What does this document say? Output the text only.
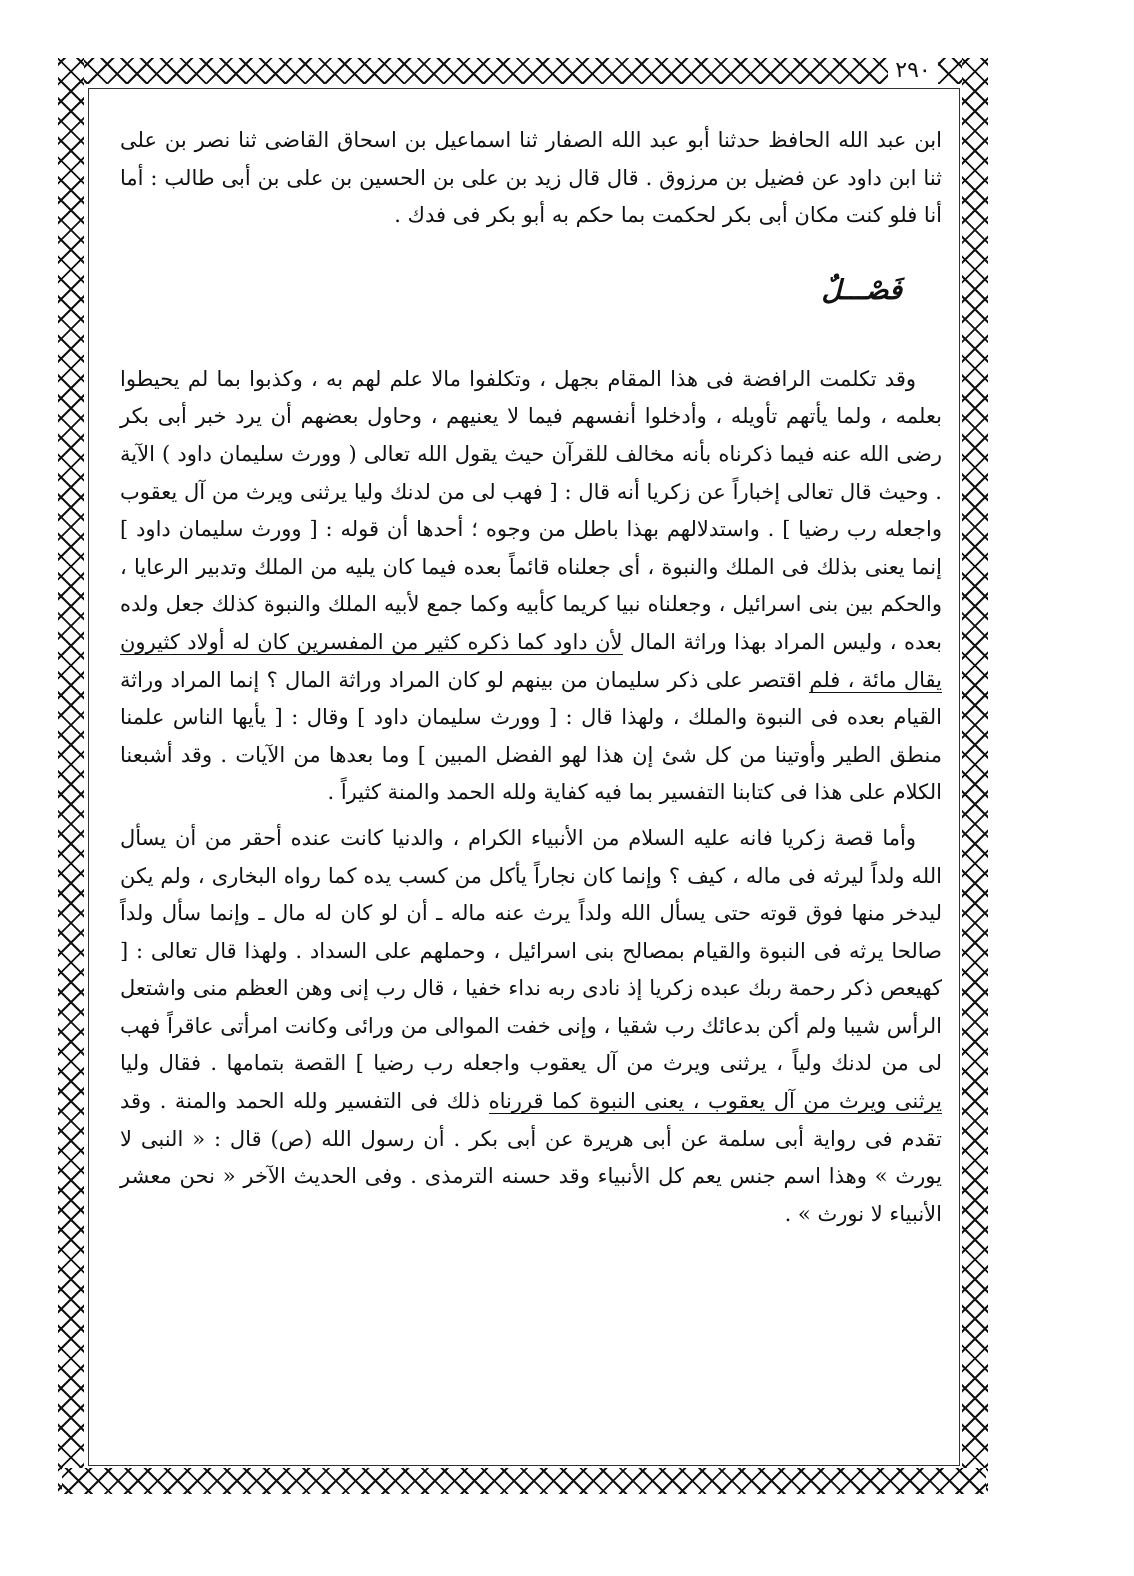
٢٩٠

ابن عبد الله الحافظ حدثنا أبو عبد الله الصفار ثنا اسماعيل بن اسحاق القاضى ثنا نصر بن على ثنا ابن داود عن فضيل بن مرزوق . قال قال زيد بن على بن الحسين بن على بن أبى طالب : أما أنا فلو كنت مكان أبى بكر لحكمت بما حكم به أبو بكر فى فدك .

فَصْـــلٌ

وقد تكلمت الرافضة فى هذا المقام بجهل ، وتكلفوا مالا علم لهم به ، وكذبوا بما لم يحيطوا بعلمه ، ولما يأتهم تأويله ، وأدخلوا أنفسهم فيما لا يعنيهم ، وحاول بعضهم أن يرد خبر أبى بكر رضى الله عنه فيما ذكرناه بأنه مخالف للقرآن حيث يقول الله تعالى ( وورث سليمان داود ) الآية . وحيث قال تعالى إخباراً عن زكريا أنه قال : [ فهب لى من لدنك وليا يرثنى ويرث من آل يعقوب واجعله رب رضيا ] . واستدلالهم بهذا باطل من وجوه ؛ أحدها أن قوله : [ وورث سليمان داود ] إنما يعنى بذلك فى الملك والنبوة ، أى جعلناه قائماً بعده فيما كان يليه من الملك وتدبير الرعايا ، والحكم بين بنى اسرائيل ، وجعلناه نبيا كريما كأبيه وكما جمع لأبيه الملك والنبوة كذلك جعل ولده بعده ، وليس المراد بهذا وراثة المال لأن داود كما ذكره كثير من المفسرين كان له أولاد كثيرون يقال مائة ، فلم اقتصر على ذكر سليمان من بينهم لو كان المراد وراثة المال ؟ إنما المراد وراثة القيام بعده فى النبوة والملك ، ولهذا قال : [ وورث سليمان داود ] وقال : [ يأيها الناس علمنا منطق الطير وأوتينا من كل شئ إن هذا لهو الفضل المبين ] وما بعدها من الآيات . وقد أشبعنا الكلام على هذا فى كتابنا التفسير بما فيه كفاية ولله الحمد والمنة كثيراً .

وأما قصة زكريا فانه عليه السلام من الأنبياء الكرام ، والدنيا كانت عنده أحقر من أن يسأل الله ولداً ليرثه فى ماله ، كيف ؟ وإنما كان نجاراً يأكل من كسب يده كما رواه البخارى ، ولم يكن ليدخر منها فوق قوته حتى يسأل الله ولداً يرث عنه ماله ـ أن لو كان له مال ـ وإنما سأل ولداً صالحا يرثه فى النبوة والقيام بمصالح بنى اسرائيل ، وحملهم على السداد . ولهذا قال تعالى : [ كهيعص ذكر رحمة ربك عبده زكريا إذ نادى ربه نداء خفيا ، قال رب إنى وهن العظم منى واشتعل الرأس شيبا ولم أكن بدعائك رب شقيا ، وإنى خفت الموالى من ورائى وكانت امرأتى عاقراً فهب لى من لدنك ولياً ، يرثنى ويرث من آل يعقوب واجعله رب رضيا ] القصة بتمامها . فقال وليا يرثنى ويرث من آل يعقوب ، يعنى النبوة كما قررناه ذلك فى التفسير ولله الحمد والمنة . وقد تقدم فى رواية أبى سلمة عن أبى هريرة عن أبى بكر . أن رسول الله (ص) قال : « النبى لا يورث » وهذا اسم جنس يعم كل الأنبياء وقد حسنه الترمذى . وفى الحديث الآخر « نحن معشر الأنبياء لا نورث » .
